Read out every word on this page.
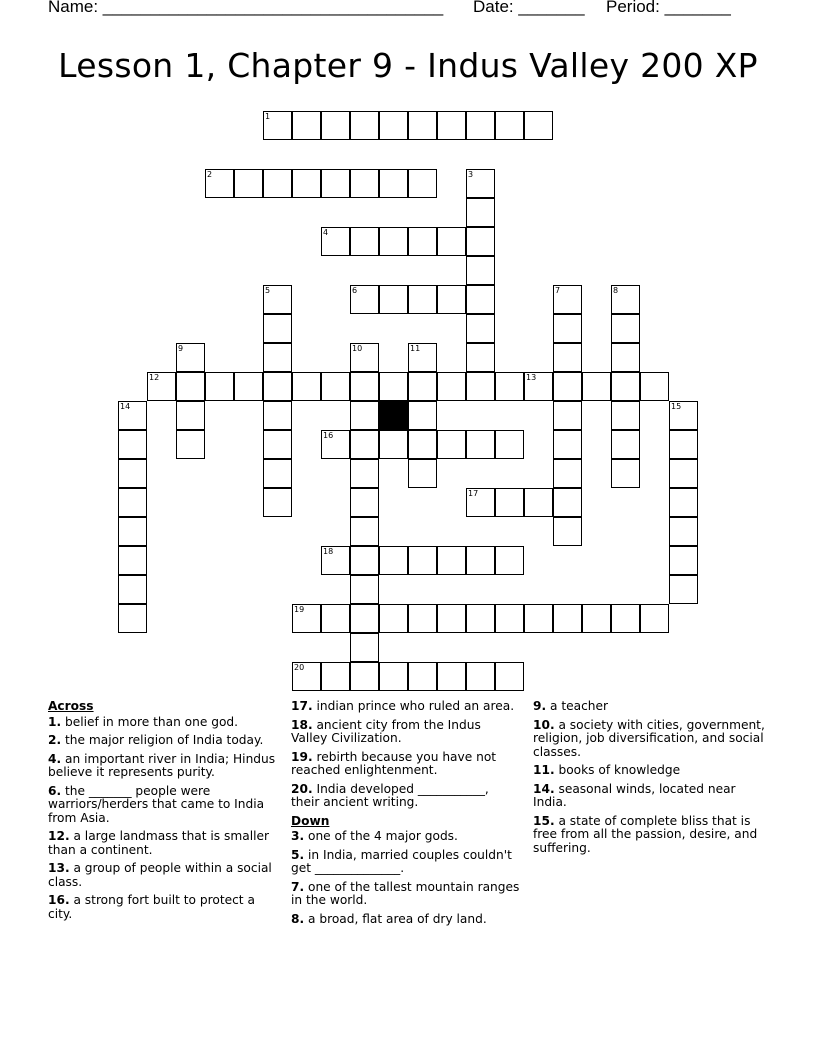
Name: ____________________________________ Date: _______ Period: _______
Lesson 1, Chapter 9 - Indus Valley 200 XP
1
2
4
6
12	13
16
17
18
19
20
3
5	7	8
9	10	11
14	15
Across
1. belief in more than one god.
2. the major religion of India today.
4. an important river in India; Hindus believe it represents purity.
6. the _______ people were warriors/herders that came to India from Asia.
12. a large landmass that is smaller than a continent.
13. a group of people within a social class.
16. a strong fort built to protect a city.
17. indian prince who ruled an area.
18. ancient city from the Indus Valley Civilization.
19. rebirth because you have not reached enlightenment.
20. India developed ___________, their ancient writing.
Down
3. one of the 4 major gods.
5. in India, married couples couldn't get ______________.
7. one of the tallest mountain ranges in the world.
8. a broad, flat area of dry land.
9. a teacher
10. a society with cities, government, religion, job diversification, and social classes.
11. books of knowledge
14. seasonal winds, located near India.
15. a state of complete bliss that is free from all the passion, desire, and suffering.
